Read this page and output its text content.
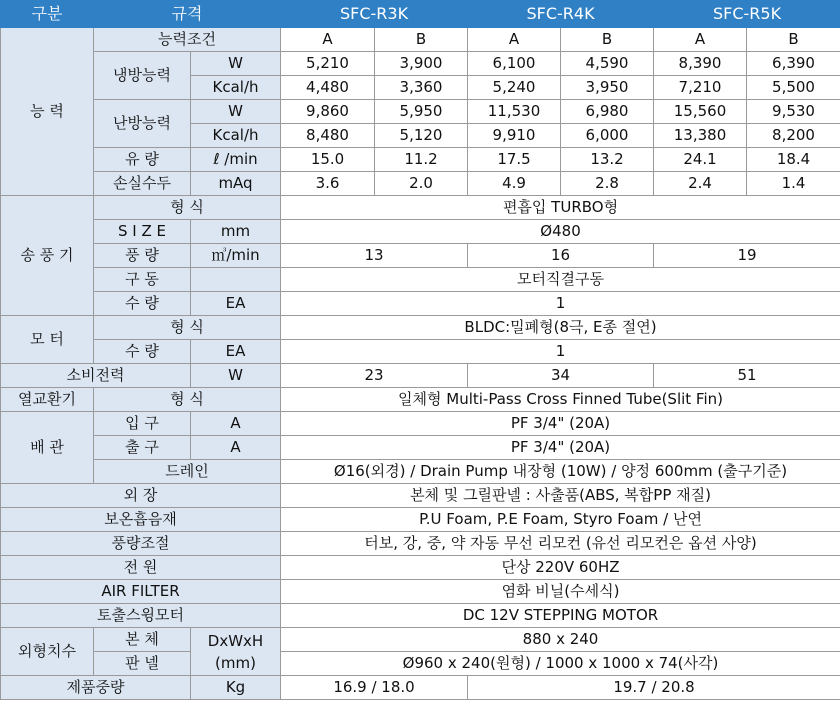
구분	규격		SFC-R3K		SFC-R4K		SFC-R5K	
능 력	능력조건		A	B	A	B	A	B
	냉방능력	W	5,210	3,900	6,100	4,590	8,390	6,390
		Kcal/h	4,480	3,360	5,240	3,950	7,210	5,500
	난방능력	W	9,860	5,950	11,530	6,980	15,560	9,530
		Kcal/h	8,480	5,120	9,910	6,000	13,380	8,200
	유 량	ℓ /min	15.0	11.2	17.5	13.2	24.1	18.4
	손실수두	mAq	3.6	2.0	4.9	2.8	2.4	1.4
송 풍 기	형 식		편흡입 TURBO형					
	S I Z E	mm	Ø480					
	풍 량	㎥/min	13		16		19	
	구 동		모터직결구동					
	수 량	EA	1					
모 터	형 식		BLDC:밀폐형(8극, E종 절연)					
	수 량	EA	1					
소비전력		W	23		34		51	
열교환기	형 식		일체형 Multi-Pass Cross Finned Tube(Slit Fin)					
배 관	입 구	A	PF 3/4" (20A)					
	출 구	A	PF 3/4" (20A)					
	드레인		Ø16(외경) / Drain Pump 내장형 (10W) / 양정 600mm (출구기준)					
외 장			본체 및 그릴판넬 : 사출품(ABS, 복합PP 재질)					
보온흡음재			P.U Foam, P.E Foam, Styro Foam / 난연					
풍량조절			터보, 강, 중, 약 자동 무선 리모컨 (유선 리모컨은 옵션 사양)					
전 원			단상 220V 60HZ					
AIR FILTER			염화 비닐(수세식)					
토출스윙모터			DC 12V STEPPING MOTOR					
외형치수	본 체	DxWxH (mm)	880 x 240					
	판 넬		Ø960 x 240(원형) / 1000 x 1000 x 74(사각)					
제품중량		Kg	16.9 / 18.0		19.7 / 20.8			
